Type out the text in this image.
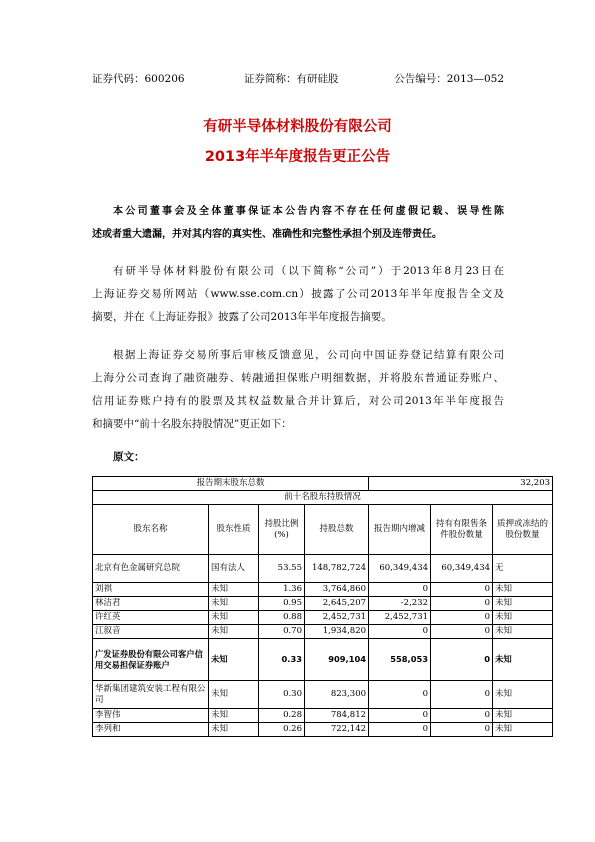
证券代码：600206	证券简称：有研硅股	公告编号：2013—052
有研半导体材料股份有限公司
2013年半年度报告更正公告
本公司董事会及全体董事保证本公告内容不存在任何虚假记载、误导性陈
述或者重大遗漏，并对其内容的真实性、准确性和完整性承担个别及连带责任。
有研半导体材料股份有限公司（以下简称“公司”）于2013年8月23日在
上海证券交易所网站（www.sse.com.cn）披露了公司2013年半年度报告全文及
摘要，并在《上海证券报》披露了公司2013年半年度报告摘要。
根据上海证券交易所事后审核反馈意见，公司向中国证券登记结算有限公司
上海分公司查询了融资融券、转融通担保账户明细数据，并将股东普通证券账户、
信用证券账户持有的股票及其权益数量合并计算后，对公司2013年半年度报告
和摘要中“前十名股东持股情况”更正如下：
原文：
报告期末股东总数				32,203		
前十名股东持股情况						
股东名称	股东性质	持股比例(%)	持股总数	报告期内增减	持有有限售条件股份数量	质押或冻结的股份数量
北京有色金属研究总院	国有法人	53.55	148,782,724	60,349,434	60,349,434	无
刘祺	未知	1.36	3,764,860	0	0	未知
林洁君	未知	0.95	2,645,207	-2,232	0	未知
许红英	未知	0.88	2,452,731	2,452,731	0	未知
江叙音	未知	0.70	1,934,820	0	0	未知
广发证券股份有限公司客户信用交易担保证券账户	未知	0.33	909,104	558,053	0	未知
华新集团建筑安装工程有限公司	未知	0.30	823,300	0	0	未知
李智伟	未知	0.28	784,812	0	0	未知
李列和	未知	0.26	722,142	0	0	未知
